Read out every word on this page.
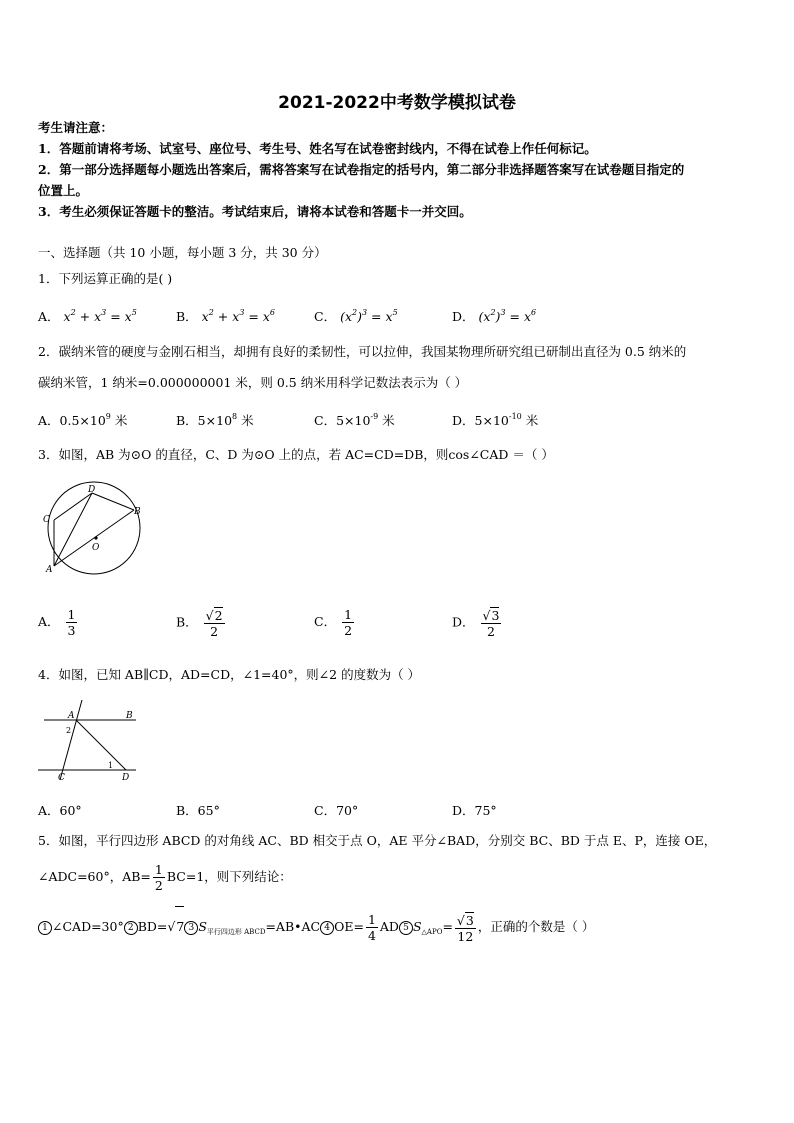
2021-2022中考数学模拟试卷
考生请注意：
1．答题前请将考场、试室号、座位号、考生号、姓名写在试卷密封线内，不得在试卷上作任何标记。
2．第一部分选择题每小题选出答案后，需将答案写在试卷指定的括号内，第二部分非选择题答案写在试卷题目指定的
位置上。
3．考生必须保证答题卡的整洁。考试结束后，请将本试卷和答题卡一并交回。
一、选择题（共 10 小题，每小题 3 分，共 30 分）
1．下列运算正确的是( )
A． $x^2 + x^3 = x^5$	B． $x^2 + x^3 = x^6$	C． $(x^2)^3 = x^5$	D． $(x^2)^3 = x^6$
2．碳纳米管的硬度与金刚石相当，却拥有良好的柔韧性，可以拉伸，我国某物理所研究组已研制出直径为 0.5 纳米的
碳纳米管，1 纳米=0.000000001 米，则 0.5 纳米用科学记数法表示为（ ）
A．$0.5\times 10^9$ 米	B．$5\times 10^8$ 米	C．$5\times 10^{-9}$ 米	D．$5\times 10^{-10}$ 米
3．如图，AB 为⊙O 的直径，C、D 为⊙O 上的点，若 AC=CD=DB，则cos∠CAD ＝（ ）
D
B
C
O
A
A． $\frac{1}{3}$	B． $\frac{√2}{2}$	C． $\frac{1}{2}$	D． $\frac{√3}{2}$
4．如图，已知 AB∥CD，AD=CD，∠1=40°，则∠2 的度数为（ ）
A	B
C	D
1
2
A．60°	B．65°	C．70°	D．75°
5．如图，平行四边形 ABCD 的对角线 AC、BD 相交于点 O，AE 平分∠BAD，分别交 BC、BD 于点 E、P，连接 OE，
∠ADC=60°，$AB= \frac{1}{2} BC=1$，则下列结论：
1 ∠CAD=30° 2 BD=√7 3 $S_{平行四边形 ABCD}=AB•AC$ 4 $OE= \frac{1}{4}$ AD 5 $S_{\triangle APO}= \frac{√3}{12}$ ，正确的个数是（ ）
